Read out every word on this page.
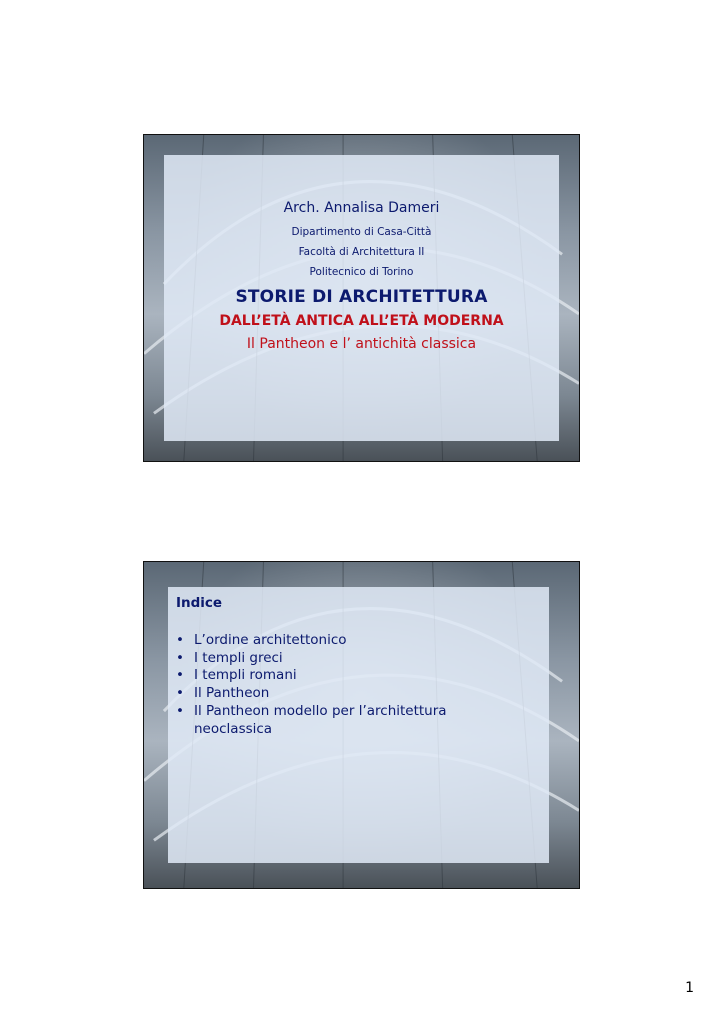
Arch. Annalisa Dameri
Dipartimento di Casa-Città
Facoltà di Architettura II
Politecnico di Torino
STORIE DI ARCHITETTURA
DALL’ETÀ ANTICA ALL’ETÀ MODERNA
Il Pantheon e l’ antichità classica
Indice
• L’ordine architettonico
• I templi greci
• I templi romani
• Il Pantheon
• Il Pantheon modello per l’architettura neoclassica
1
